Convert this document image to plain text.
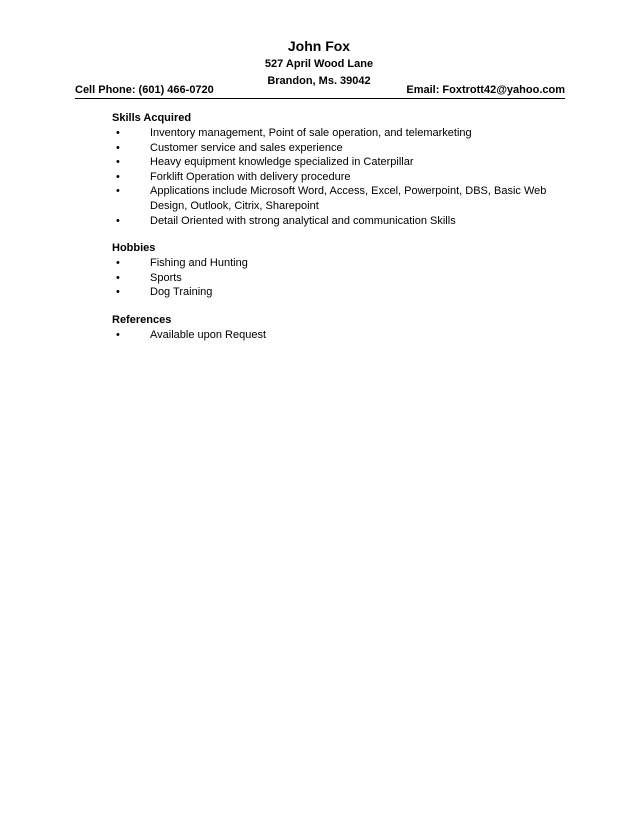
John Fox
527 April Wood Lane
Brandon, Ms. 39042
Cell Phone: (601) 466-0720	Email: Foxtrott42@yahoo.com
Skills Acquired
•	Inventory management, Point of sale operation, and telemarketing
•	Customer service and sales experience
•	Heavy equipment knowledge specialized in Caterpillar
•	Forklift Operation with delivery procedure
•	Applications include Microsoft Word, Access, Excel, Powerpoint, DBS, Basic Web Design, Outlook, Citrix, Sharepoint
•	Detail Oriented with strong analytical and communication Skills
Hobbies
•	Fishing and Hunting
•	Sports
•	Dog Training
References
•	Available upon Request
